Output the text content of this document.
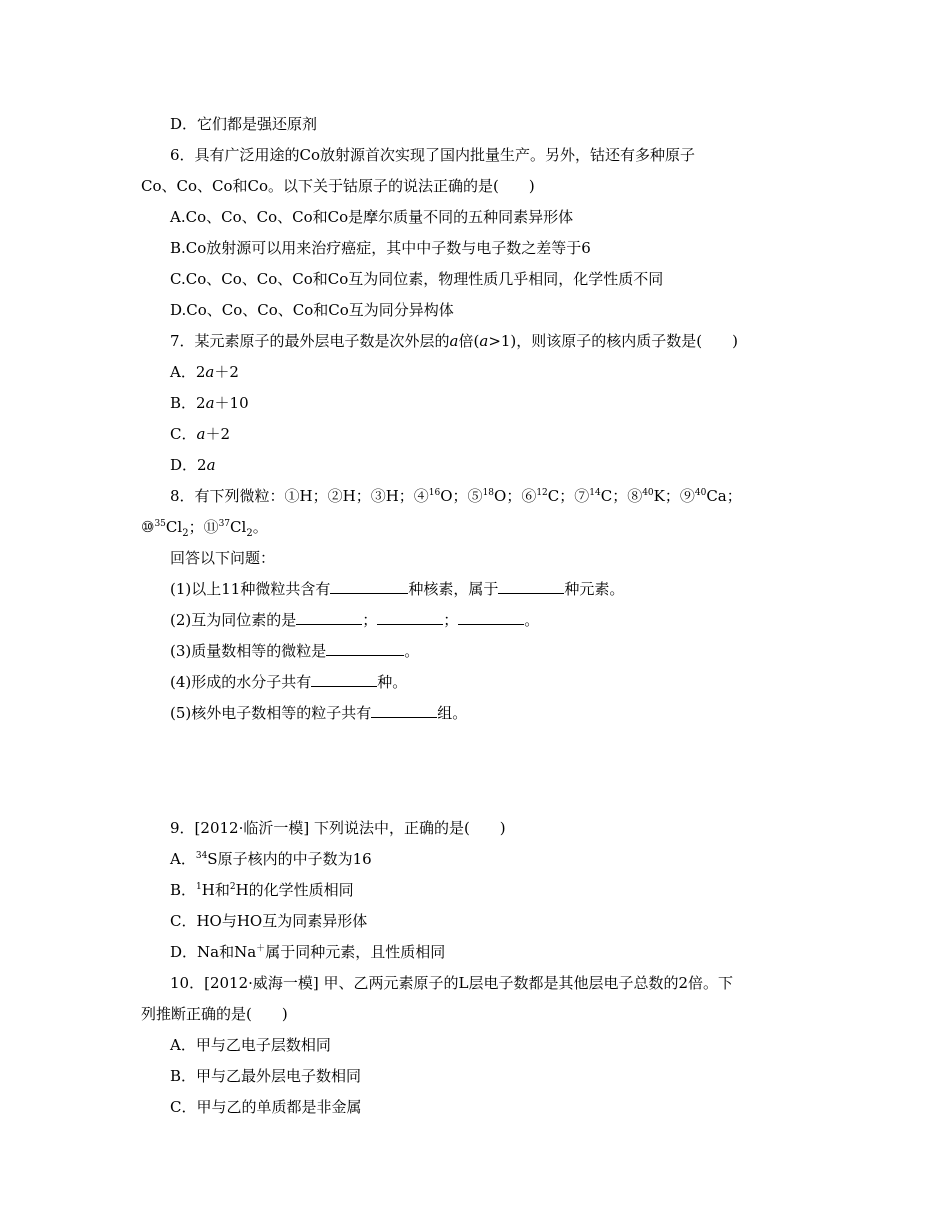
D．它们都是强还原剂
6．具有广泛用途的Co放射源首次实现了国内批量生产。另外，钴还有多种原子
Co、Co、Co和Co。以下关于钴原子的说法正确的是(　　)
A.Co、Co、Co、Co和Co是摩尔质量不同的五种同素异形体
B.Co放射源可以用来治疗癌症，其中中子数与电子数之差等于6
C.Co、Co、Co、Co和Co互为同位素，物理性质几乎相同，化学性质不同
D.Co、Co、Co、Co和Co互为同分异构体
7．某元素原子的最外层电子数是次外层的a倍(a>1)，则该原子的核内质子数是(　　)
A．2a＋2
B．2a＋10
C．a＋2
D．2a
8．有下列微粒：①H；②H；③H；④$^{16}$O；⑤$^{18}$O；⑥$^{12}$C；⑦$^{14}$C；⑧$^{40}$K；⑨$^{40}$Ca；
$⑩^{35}Cl_2$；$⑪^{37}Cl_2$。
回答以下问题：
(1)以上11种微粒共含有	种核素，属于	种元素。
(2)互为同位素的是	；	；	。
(3)质量数相等的微粒是	。
(4)形成的水分子共有	种。
(5)核外电子数相等的粒子共有	组。
9．[2012·临沂一模] 下列说法中，正确的是(　　)
A．$^{34}$S原子核内的中子数为16
B．$^1$H和$^2$H的化学性质相同
C．HO与HO互为同素异形体
D．Na和Na＋属于同种元素，且性质相同
10．[2012·威海一模] 甲、乙两元素原子的L层电子数都是其他层电子总数的2倍。下
列推断正确的是(　　)
A．甲与乙电子层数相同
B．甲与乙最外层电子数相同
C．甲与乙的单质都是非金属
